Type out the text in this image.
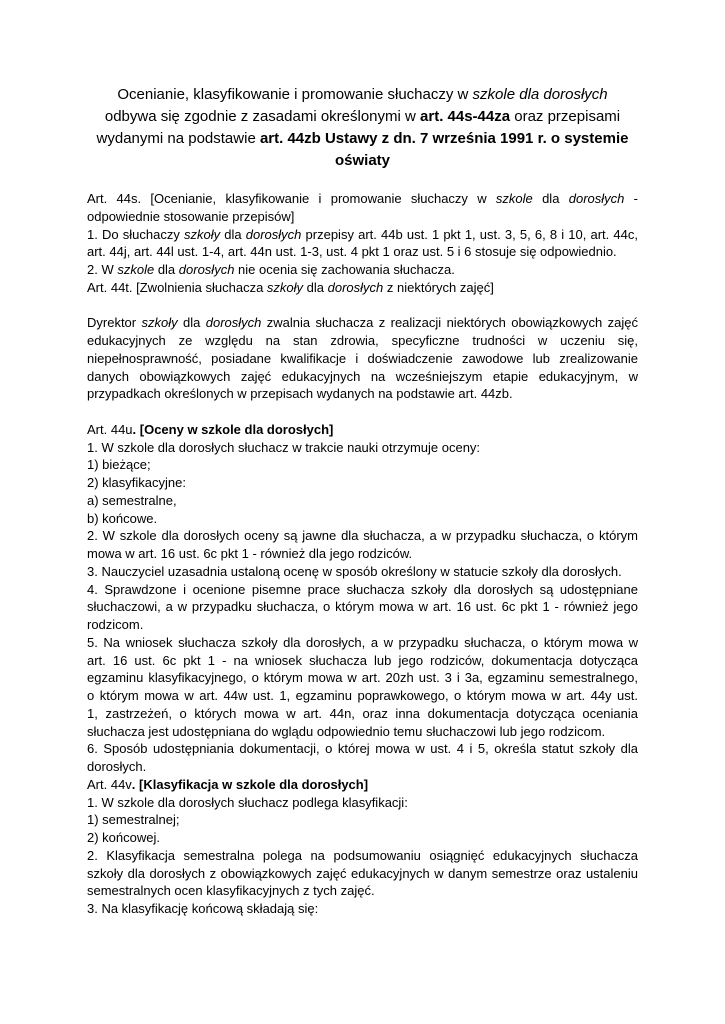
Ocenianie, klasyfikowanie i promowanie słuchaczy w szkole dla dorosłych
odbywa się zgodnie z zasadami określonymi w art. 44s-44za oraz przepisami
wydanymi na podstawie art. 44zb Ustawy z dn. 7 września 1991 r. o systemie
oświaty
Art. 44s. [Ocenianie, klasyfikowanie i promowanie słuchaczy w szkole dla dorosłych -
odpowiednie stosowanie przepisów]
1. Do słuchaczy szkoły dla dorosłych przepisy art. 44b ust. 1 pkt 1, ust. 3, 5, 6, 8 i 10, art. 44c,
art. 44j, art. 44l ust. 1-4, art. 44n ust. 1-3, ust. 4 pkt 1 oraz ust. 5 i 6 stosuje się odpowiednio.
2. W szkole dla dorosłych nie ocenia się zachowania słuchacza.
Art. 44t. [Zwolnienia słuchacza szkoły dla dorosłych z niektórych zajęć]
Dyrektor szkoły dla dorosłych zwalnia słuchacza z realizacji niektórych obowiązkowych zajęć
edukacyjnych ze względu na stan zdrowia, specyficzne trudności w uczeniu się,
niepełnosprawność, posiadane kwalifikacje i doświadczenie zawodowe lub zrealizowanie
danych obowiązkowych zajęć edukacyjnych na wcześniejszym etapie edukacyjnym, w
przypadkach określonych w przepisach wydanych na podstawie art. 44zb.
Art. 44u. [Oceny w szkole dla dorosłych]
1. W szkole dla dorosłych słuchacz w trakcie nauki otrzymuje oceny:
1) bieżące;
2) klasyfikacyjne:
a) semestralne,
b) końcowe.
2. W szkole dla dorosłych oceny są jawne dla słuchacza, a w przypadku słuchacza, o którym
mowa w art. 16 ust. 6c pkt 1 - również dla jego rodziców.
3. Nauczyciel uzasadnia ustaloną ocenę w sposób określony w statucie szkoły dla dorosłych.
4. Sprawdzone i ocenione pisemne prace słuchacza szkoły dla dorosłych są udostępniane
słuchaczowi, a w przypadku słuchacza, o którym mowa w art. 16 ust. 6c pkt 1 - również jego
rodzicom.
5. Na wniosek słuchacza szkoły dla dorosłych, a w przypadku słuchacza, o którym mowa w
art. 16 ust. 6c pkt 1 - na wniosek słuchacza lub jego rodziców, dokumentacja dotycząca
egzaminu klasyfikacyjnego, o którym mowa w art. 20zh ust. 3 i 3a, egzaminu semestralnego,
o którym mowa w art. 44w ust. 1, egzaminu poprawkowego, o którym mowa w art. 44y ust.
1, zastrzeżeń, o których mowa w art. 44n, oraz inna dokumentacja dotycząca oceniania
słuchacza jest udostępniana do wglądu odpowiednio temu słuchaczowi lub jego rodzicom.
6. Sposób udostępniania dokumentacji, o której mowa w ust. 4 i 5, określa statut szkoły dla
dorosłych.
Art. 44v. [Klasyfikacja w szkole dla dorosłych]
1. W szkole dla dorosłych słuchacz podlega klasyfikacji:
1) semestralnej;
2) końcowej.
2. Klasyfikacja semestralna polega na podsumowaniu osiągnięć edukacyjnych słuchacza
szkoły dla dorosłych z obowiązkowych zajęć edukacyjnych w danym semestrze oraz ustaleniu
semestralnych ocen klasyfikacyjnych z tych zajęć.
3. Na klasyfikację końcową składają się:
